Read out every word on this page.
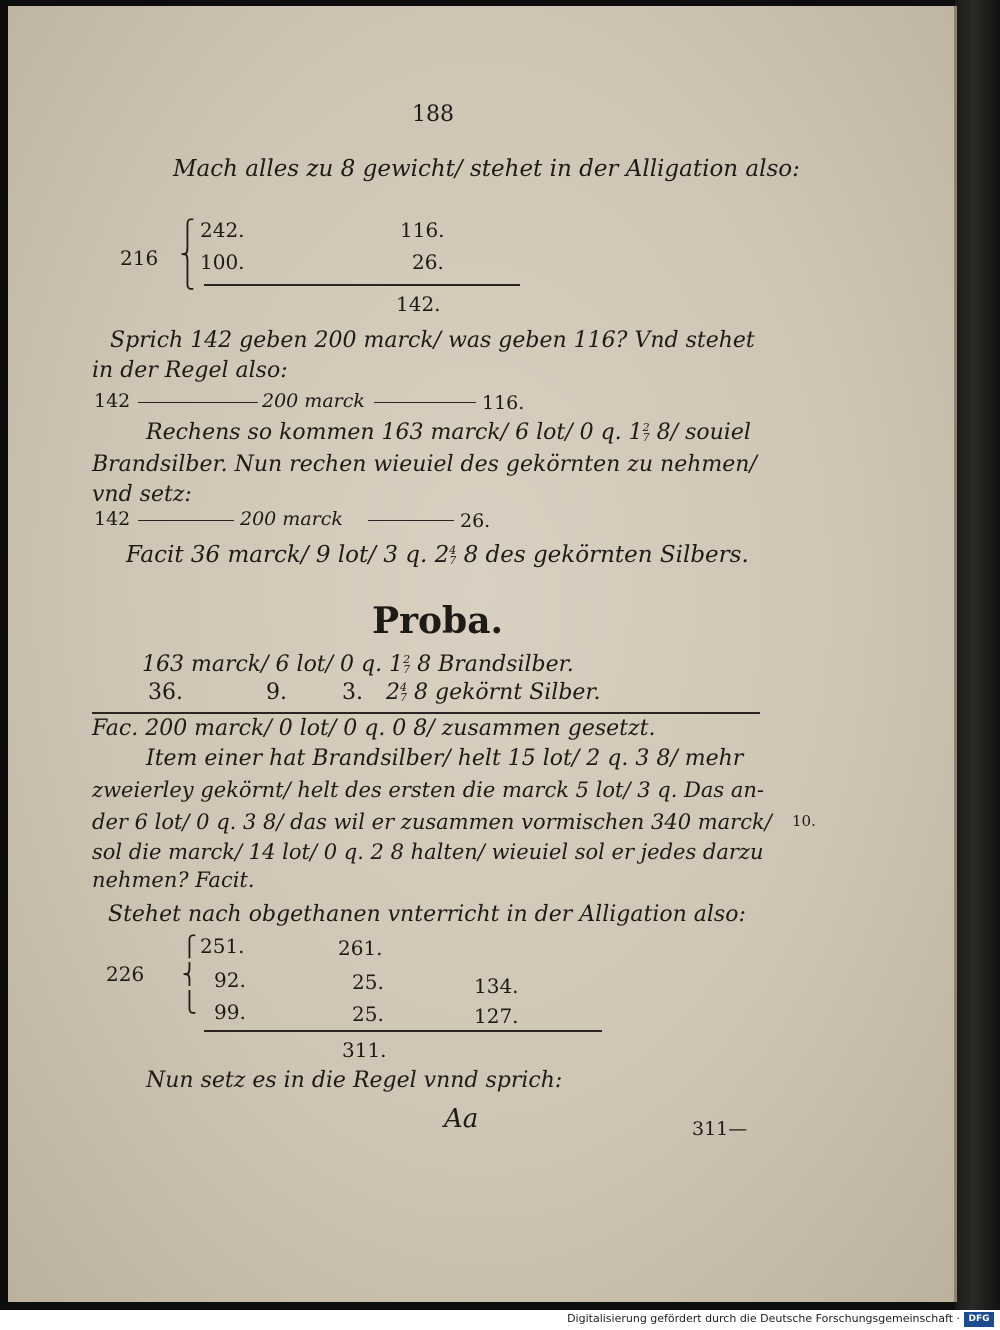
188
Mach alles zu 8 gewicht/ stehet in der Alligation also:
216
⎧
⎨
⎩
242.	116.
100.	26.
142.
Sprich 142 geben 200 marck/ was geben 116? Vnd stehet
in der Regel also:
142	200 marck	116.
Rechens so kommen 163 marck/ 6 lot/ 0 q. 1 2
7 8/ souiel
Brandsilber. Nun rechen wieuiel des gekörnten zu nehmen/
vnd setz:
142	200 marck	26.
Facit 36 marck/ 9 lot/ 3 q. 2 4
7 8 des gekörnten Silbers.
Proba.
163 marck/ 6 lot/ 0 q. 1 2
7 8 Brandsilber.
36.	9.	3. 2 4
7 8 gekörnt Silber.
Fac. 200 marck/ 0 lot/ 0 q. 0 8/ zusammen gesetzt.
Item einer hat Brandsilber/ helt 15 lot/ 2 q. 3 8/ mehr
zweierley gekörnt/ helt des ersten die marck 5 lot/ 3 q. Das an-
der 6 lot/ 0 q. 3 8/ das wil er zusammen vormischen 340 marck/
sol die marck/ 14 lot/ 0 q. 2 8 halten/ wieuiel sol er jedes darzu
nehmen? Facit.
10.
Stehet nach obgethanen vnterricht in der Alligation also:
226
⎧
⎨
⎩
251.	261.
92.	25.	134.
99.	25.	127.
311.
Nun setz es in die Regel vnnd sprich:
Aa	311—
Digitalisierung gefördert durch die Deutsche Forschungsgemeinschaft · DFG
